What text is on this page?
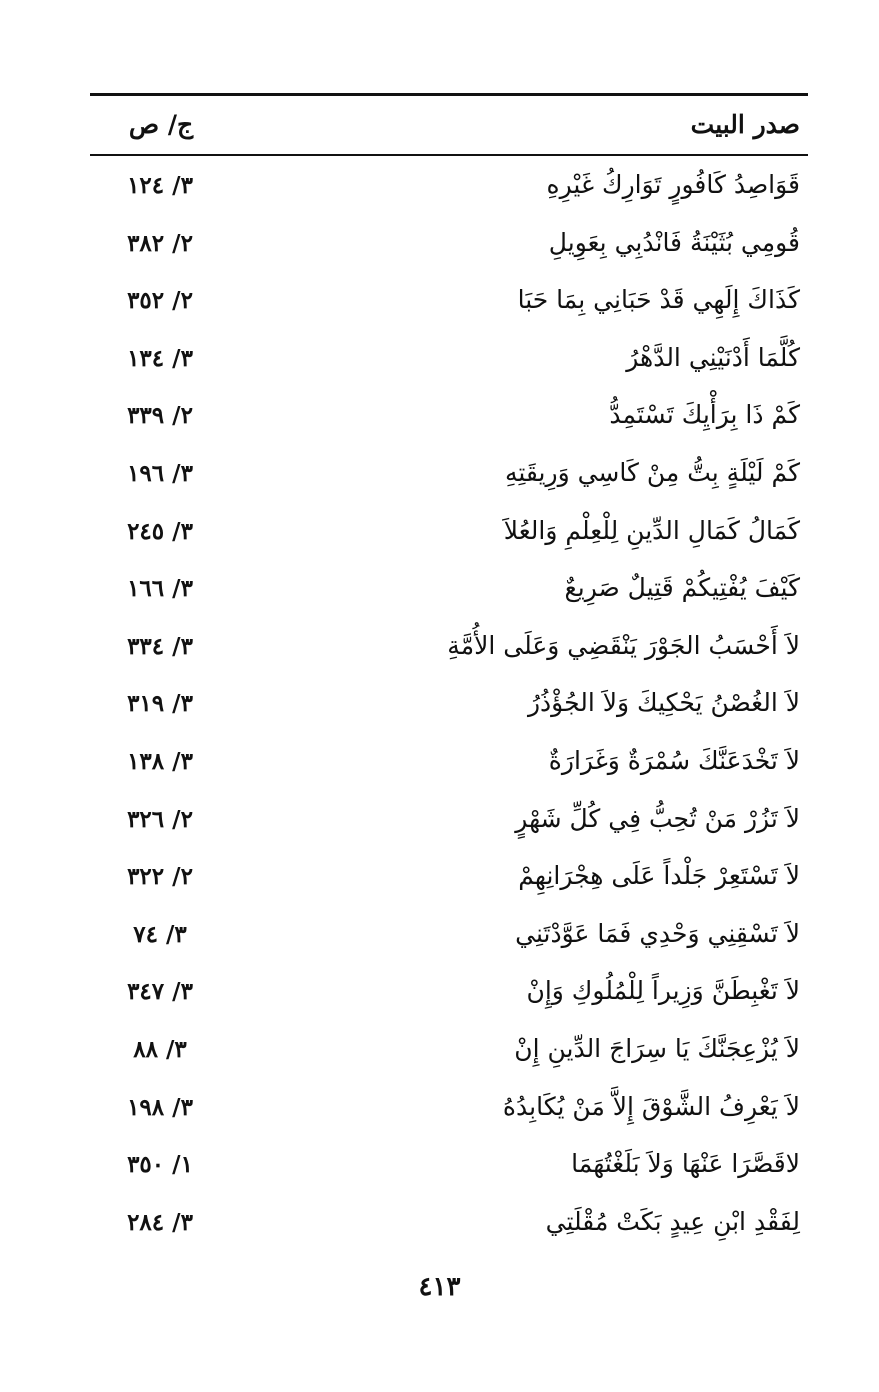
صدر البيت
ج/ ص
قَوَاصِدُ كَافُورٍ تَوَارِكُ غَيْرِهِ
٣/ ١٢٤
قُومِي بُثَيْنَةُ فَانْدُبِي بِعَوِيلِ
٢/ ٣٨٢
كَذَاكَ إِلَهِي قَدْ حَبَانِي بِمَا حَبَا
٢/ ٣٥٢
كُلَّمَا أَدْنَيْنِي الدَّهْرُ
٣/ ١٣٤
كَمْ ذَا بِرَأْيِكَ تَسْتَمِدُّ
٢/ ٣٣٩
كَمْ لَيْلَةٍ بِتُّ مِنْ كَاسِي وَرِيقَتِهِ
٣/ ١٩٦
كَمَالُ كَمَالِ الدِّينِ لِلْعِلْمِ وَالعُلاَ
٣/ ٢٤٥
كَيْفَ يُفْتِيكُمْ قَتِيلٌ صَرِيعٌ
٣/ ١٦٦
لاَ أَحْسَبُ الجَوْرَ يَنْقَضِي وَعَلَى الأُمَّةِ
٣/ ٣٣٤
لاَ الغُصْنُ يَحْكِيكَ وَلاَ الجُؤْذُرُ
٣/ ٣١٩
لاَ تَخْدَعَنَّكَ سُمْرَةٌ وَغَرَارَةٌ
٣/ ١٣٨
لاَ تَزُرْ مَنْ تُحِبُّ فِي كُلِّ شَهْرٍ
٢/ ٣٢٦
لاَ تَسْتَعِرْ جَلْداً عَلَى هِجْرَانِهِمْ
٢/ ٣٢٢
لاَ تَسْقِنِي وَحْدِي فَمَا عَوَّدْتَنِي
٣/ ٧٤
لاَ تَغْبِطَنَّ وَزِيراً لِلْمُلُوكِ وَإِنْ
٣/ ٣٤٧
لاَ يُزْعِجَنَّكَ يَا سِرَاجَ الدِّينِ إِنْ
٣/ ٨٨
لاَ يَعْرِفُ الشَّوْقَ إِلاَّ مَنْ يُكَابِدُهُ
٣/ ١٩٨
لاقَصَّرَا عَنْهَا وَلاَ بَلَغْتُهَمَا
١/ ٣٥٠
لِفَقْدِ ابْنِ عِيدٍ بَكَتْ مُقْلَتِي
٣/ ٢٨٤
٤١٣
